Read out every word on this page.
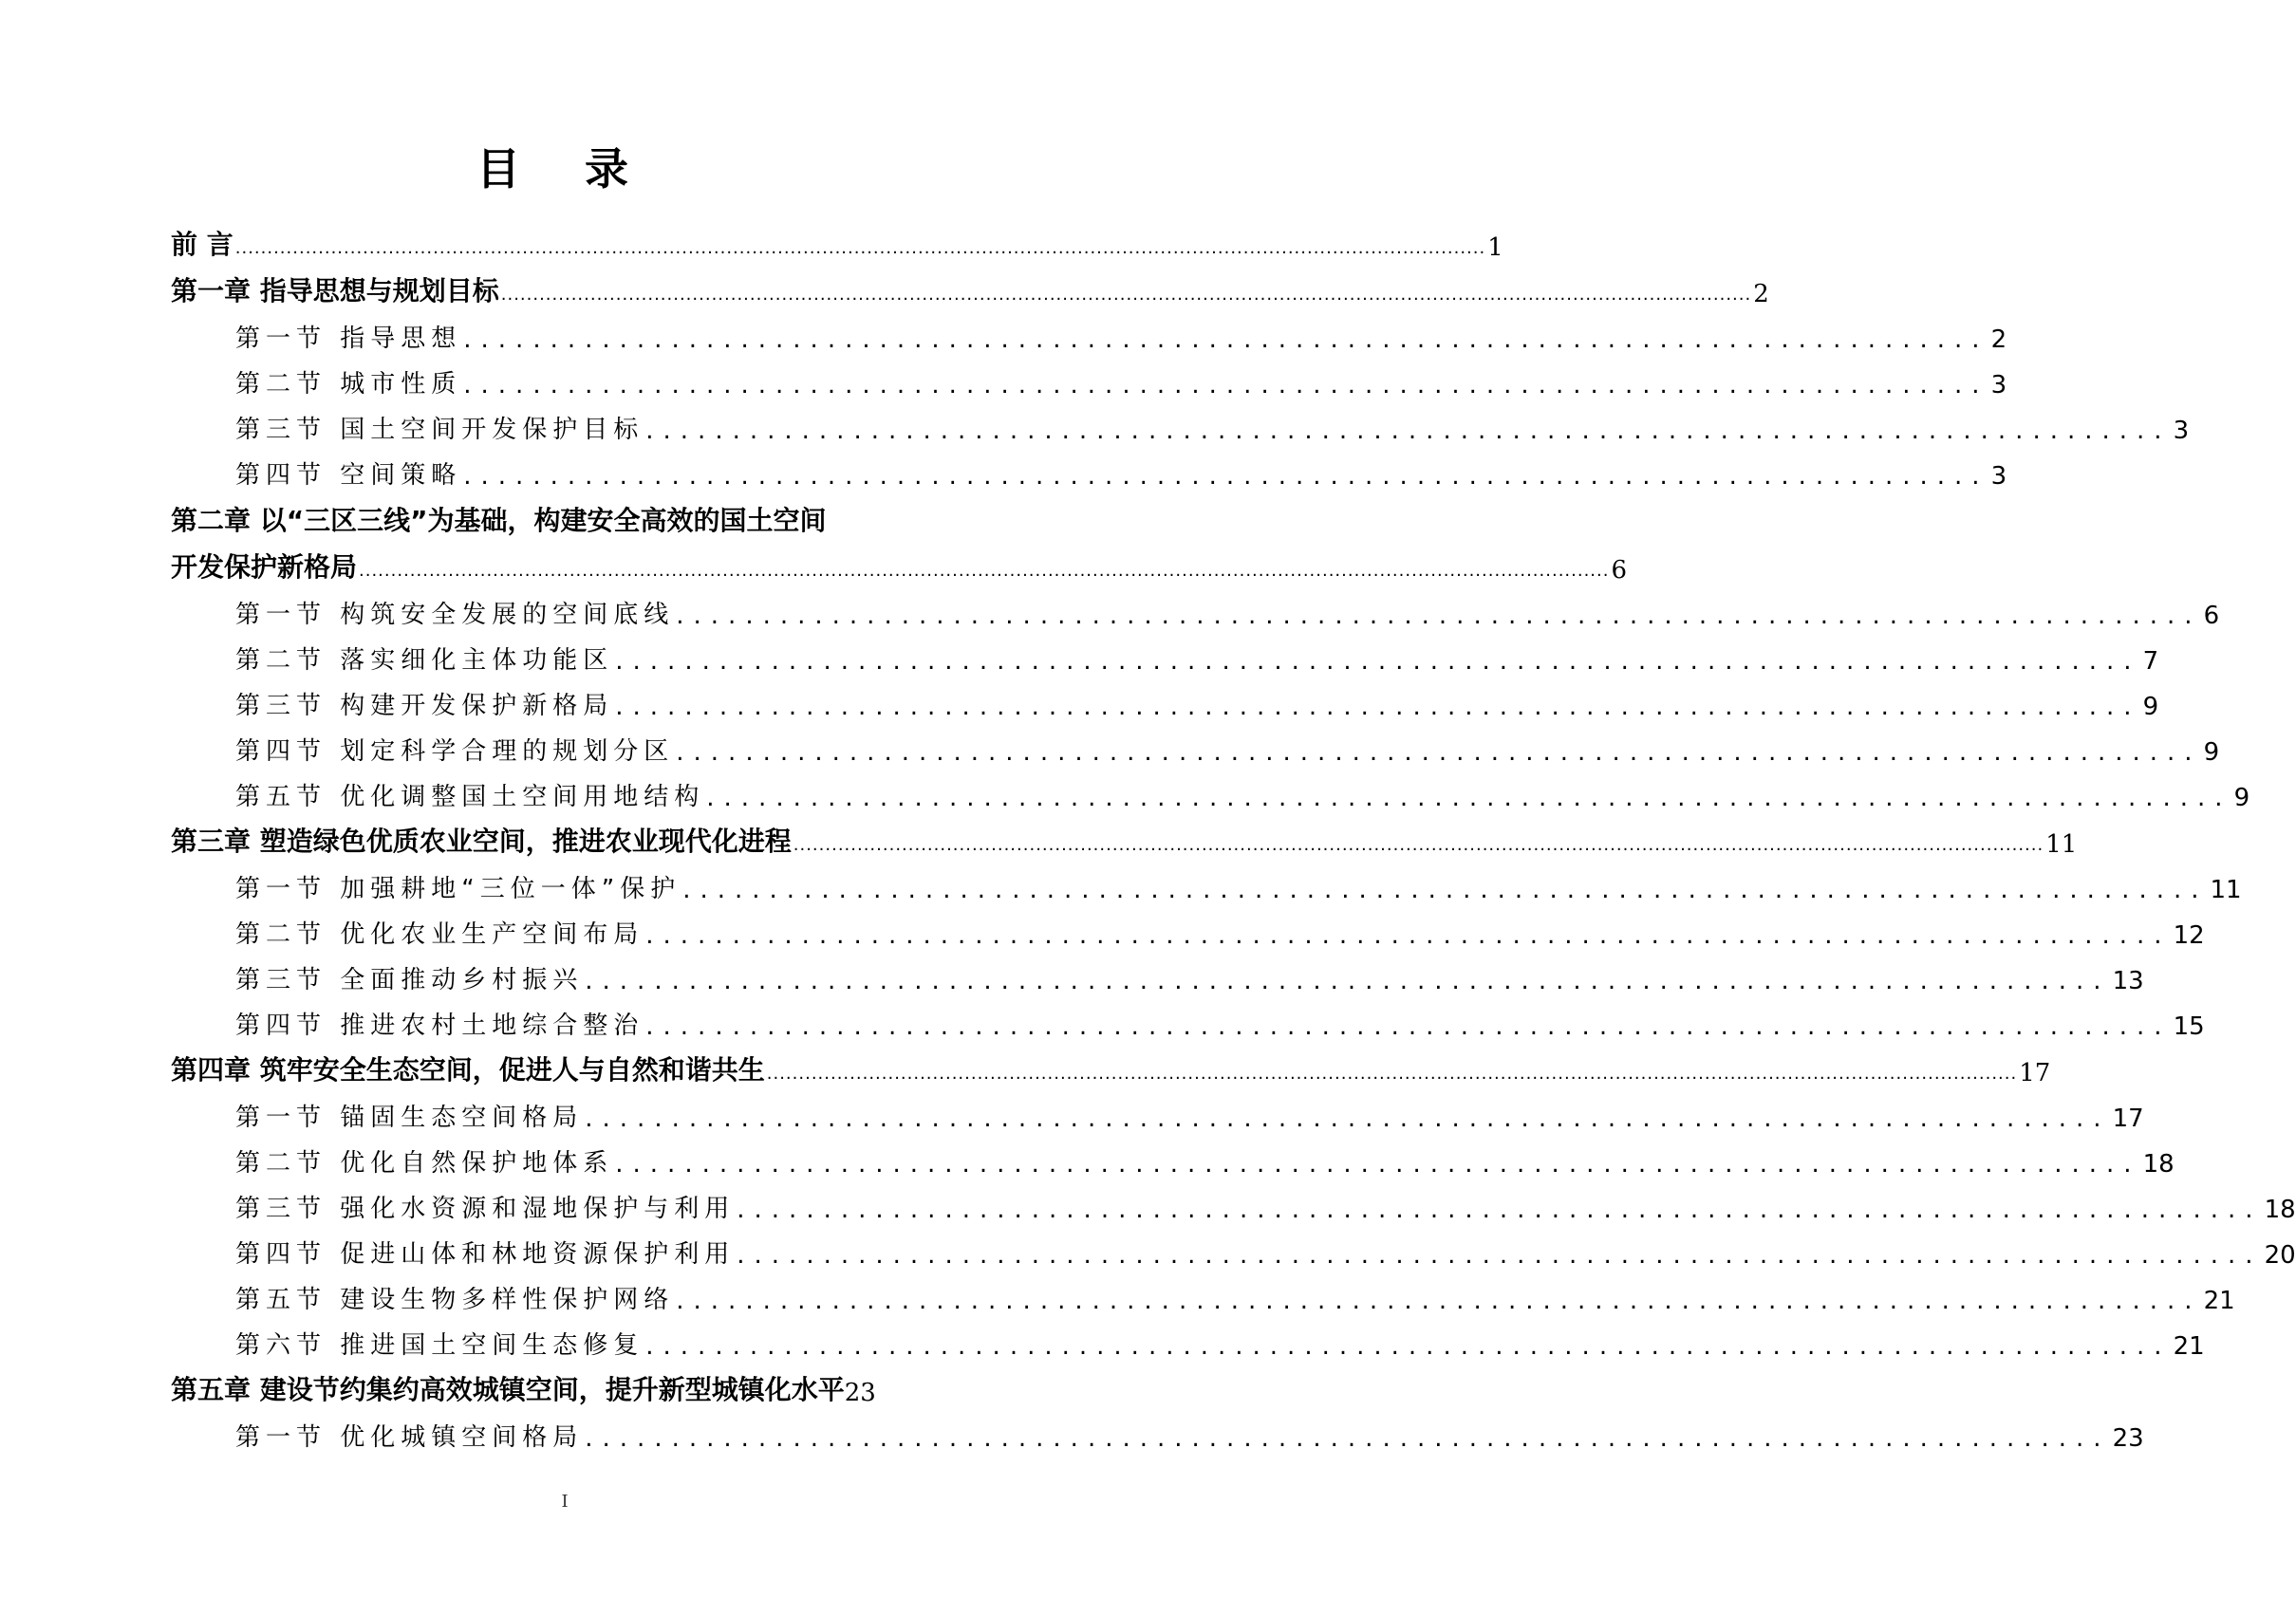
目 录
前 言 .................................................................................................................................................................................................... 1
第一章 指导思想与规划目标 .................................................................................................................................................................................................... 2
第一节 指导思想 ........................................................................................ 2
第二节 城市性质 ........................................................................................ 3
第三节 国土空间开发保护目标 ........................................................................................ 3
第四节 空间策略 ........................................................................................ 3
第二章 以“三区三线”为基础，构建安全高效的国土空间
开发保护新格局 .................................................................................................................................................................................................... 6
第一节 构筑安全发展的空间底线 ........................................................................................ 6
第二节 落实细化主体功能区 ........................................................................................ 7
第三节 构建开发保护新格局 ........................................................................................ 9
第四节 划定科学合理的规划分区 ........................................................................................ 9
第五节 优化调整国土空间用地结构 ........................................................................................ 9
第三章 塑造绿色优质农业空间，推进农业现代化进程 .................................................................................................................................................................................................... 11
第一节 加强耕地“三位一体”保护 ........................................................................................ 11
第二节 优化农业生产空间布局 ........................................................................................ 12
第三节 全面推动乡村振兴 ........................................................................................ 13
第四节 推进农村土地综合整治 ........................................................................................ 15
第四章 筑牢安全生态空间，促进人与自然和谐共生 .................................................................................................................................................................................................... 17
第一节 锚固生态空间格局 ........................................................................................ 17
第二节 优化自然保护地体系 ........................................................................................ 18
第三节 强化水资源和湿地保护与利用 ........................................................................................ 18
第四节 促进山体和林地资源保护利用 ........................................................................................ 20
第五节 建设生物多样性保护网络 ........................................................................................ 21
第六节 推进国土空间生态修复 ........................................................................................ 21
第五章 建设节约集约高效城镇空间，提升新型城镇化水平 23
第一节 优化城镇空间格局 ........................................................................................ 23
I
